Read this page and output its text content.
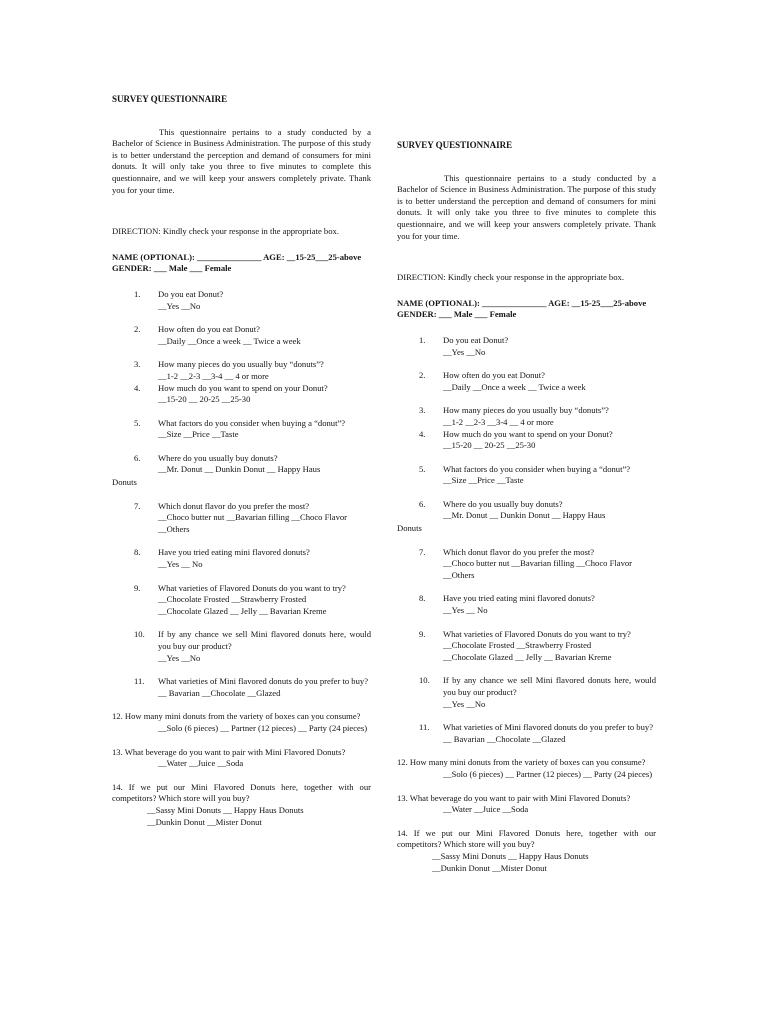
SURVEY QUESTIONNAIRE
This questionnaire pertains to a study conducted by a Bachelor of Science in Business Administration. The purpose of this study is to better understand the perception and demand of consumers for mini donuts. It will only take you three to five minutes to complete this questionnaire, and we will keep your answers completely private. Thank you for your time.
DIRECTION: Kindly check your response in the appropriate box.
NAME (OPTIONAL): _______________ AGE: __15-25___25-above
GENDER: ___ Male ___ Female
1. Do you eat Donut?
__Yes __No
2. How often do you eat Donut?
__Daily __Once a week __ Twice a week
3. How many pieces do you usually buy “donuts”?
__1-2 __2-3 __3-4 __ 4 or more
4. How much do you want to spend on your Donut?
__15-20 __ 20-25 __25-30
5. What factors do you consider when buying a “donut”?
__Size __Price __Taste
6. Where do you usually buy donuts?
__Mr. Donut __ Dunkin Donut __ Happy Haus
Donuts
7. Which donut flavor do you prefer the most?
__Choco butter nut __Bavarian filling __Choco Flavor
__Others
8. Have you tried eating mini flavored donuts?
__Yes __ No
9. What varieties of Flavored Donuts do you want to try?
__Chocolate Frosted __Strawberry Frosted
__Chocolate Glazed __ Jelly __ Bavarian Kreme
10. If by any chance we sell Mini flavored donuts here, would you buy our product?
__Yes __No
11. What varieties of Mini flavored donuts do you prefer to buy?
__ Bavarian __Chocolate __Glazed
12. How many mini donuts from the variety of boxes can you consume?
__Solo (6 pieces) __ Partner (12 pieces) __ Party (24 pieces)
13. What beverage do you want to pair with Mini Flavored Donuts?
__Water __Juice __Soda
14. If we put our Mini Flavored Donuts here, together with our competitors? Which store will you buy?
__Sassy Mini Donuts __ Happy Haus Donuts
__Dunkin Donut __Mister Donut
SURVEY QUESTIONNAIRE
This questionnaire pertains to a study conducted by a Bachelor of Science in Business Administration. The purpose of this study is to better understand the perception and demand of consumers for mini donuts. It will only take you three to five minutes to complete this questionnaire, and we will keep your answers completely private. Thank you for your time.
DIRECTION: Kindly check your response in the appropriate box.
NAME (OPTIONAL): _______________ AGE: __15-25___25-above
GENDER: ___ Male ___ Female
1. Do you eat Donut?
__Yes __No
2. How often do you eat Donut?
__Daily __Once a week __ Twice a week
3. How many pieces do you usually buy “donuts”?
__1-2 __2-3 __3-4 __ 4 or more
4. How much do you want to spend on your Donut?
__15-20 __ 20-25 __25-30
5. What factors do you consider when buying a “donut”?
__Size __Price __Taste
6. Where do you usually buy donuts?
__Mr. Donut __ Dunkin Donut __ Happy Haus
Donuts
7. Which donut flavor do you prefer the most?
__Choco butter nut __Bavarian filling __Choco Flavor
__Others
8. Have you tried eating mini flavored donuts?
__Yes __ No
9. What varieties of Flavored Donuts do you want to try?
__Chocolate Frosted __Strawberry Frosted
__Chocolate Glazed __ Jelly __ Bavarian Kreme
10. If by any chance we sell Mini flavored donuts here, would you buy our product?
__Yes __No
11. What varieties of Mini flavored donuts do you prefer to buy?
__ Bavarian __Chocolate __Glazed
12. How many mini donuts from the variety of boxes can you consume?
__Solo (6 pieces) __ Partner (12 pieces) __ Party (24 pieces)
13. What beverage do you want to pair with Mini Flavored Donuts?
__Water __Juice __Soda
14. If we put our Mini Flavored Donuts here, together with our competitors? Which store will you buy?
__Sassy Mini Donuts __ Happy Haus Donuts
__Dunkin Donut __Mister Donut
